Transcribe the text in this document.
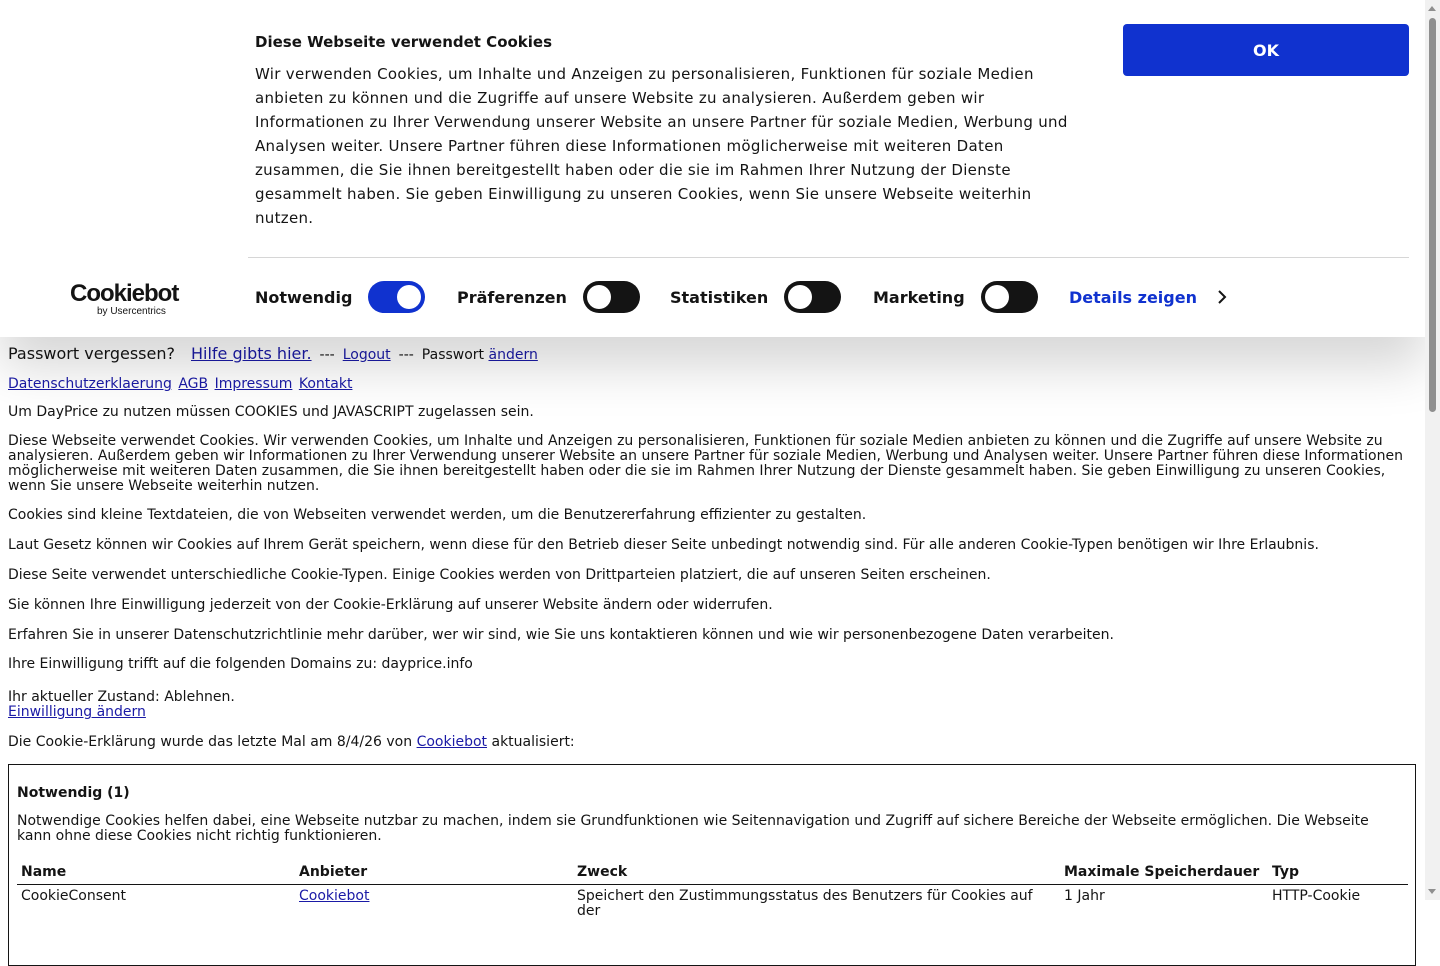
Diese Webseite verwendet Cookies
Wir verwenden Cookies, um Inhalte und Anzeigen zu personalisieren, Funktionen für soziale Medien anbieten zu können und die Zugriffe auf unsere Website zu analysieren. Außerdem geben wir Informationen zu Ihrer Verwendung unserer Website an unsere Partner für soziale Medien, Werbung und Analysen weiter. Unsere Partner führen diese Informationen möglicherweise mit weiteren Daten zusammen, die Sie ihnen bereitgestellt haben oder die sie im Rahmen Ihrer Nutzung der Dienste gesammelt haben. Sie geben Einwilligung zu unseren Cookies, wenn Sie unsere Webseite weiterhin nutzen.
OK
Cookiebot
by Usercentrics
Notwendig	Präferenzen	Statistiken	Marketing	Details zeigen
Passwort vergessen? Hilfe gibts hier. --- Logout --- Passwort
ändern
Datenschutzerklaerung AGB Impressum Kontakt

Um DayPrice zu nutzen müssen COOKIES und JAVASCRIPT zugelassen sein.

Diese Webseite verwendet Cookies. Wir verwenden Cookies, um Inhalte und Anzeigen zu personalisieren, Funktionen für soziale Medien anbieten zu können und die Zugriffe auf unsere Website zu analysieren. Außerdem geben wir Informationen zu Ihrer Verwendung unserer Website an unsere Partner für soziale Medien, Werbung und Analysen weiter. Unsere Partner führen diese Informationen möglicherweise mit weiteren Daten zusammen, die Sie ihnen bereitgestellt haben oder die sie im Rahmen Ihrer Nutzung der Dienste gesammelt haben. Sie geben Einwilligung zu unseren Cookies, wenn Sie unsere Webseite weiterhin nutzen.

Cookies sind kleine Textdateien, die von Webseiten verwendet werden, um die Benutzererfahrung effizienter zu gestalten.

Laut Gesetz können wir Cookies auf Ihrem Gerät speichern, wenn diese für den Betrieb dieser Seite unbedingt notwendig sind. Für alle anderen Cookie-Typen benötigen wir Ihre Erlaubnis.

Diese Seite verwendet unterschiedliche Cookie-Typen. Einige Cookies werden von Drittparteien platziert, die auf unseren Seiten erscheinen.

Sie können Ihre Einwilligung jederzeit von der Cookie-Erklärung auf unserer Website ändern oder widerrufen.

Erfahren Sie in unserer Datenschutzrichtlinie mehr darüber, wer wir sind, wie Sie uns kontaktieren können und wie wir personenbezogene Daten verarbeiten.

Ihre Einwilligung trifft auf die folgenden Domains zu: dayprice.info

Ihr aktueller Zustand: Ablehnen.

Einwilligung ändern

Die Cookie-Erklärung wurde das letzte Mal am 8/4/26 von Cookiebot aktualisiert:

Notwendig (1)
Notwendige Cookies helfen dabei, eine Webseite nutzbar zu machen, indem sie Grundfunktionen wie Seitennavigation und Zugriff auf sichere Bereiche der Webseite ermöglichen. Die Webseite kann ohne diese Cookies nicht richtig funktionieren.
Name	Anbieter	Zweck	Maximale Speicherdauer	Typ
CookieConsent	Cookiebot	Speichert den Zustimmungsstatus des Benutzers für Cookies auf der	1 Jahr	HTTP-Cookie
